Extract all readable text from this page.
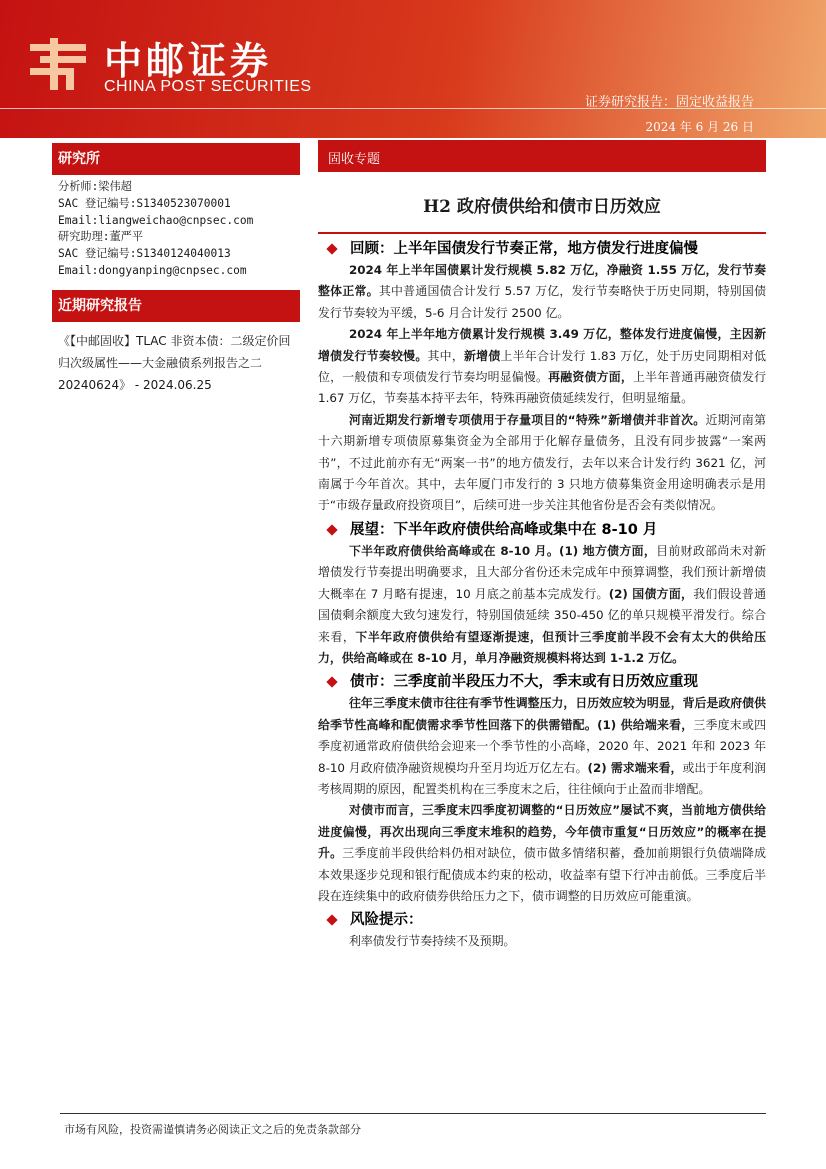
中邮证券
CHINA POST SECURITIES
证券研究报告：固定收益报告
2024 年 6 月 26 日
研究所
分析师:梁伟超
SAC 登记编号:S1340523070001
Email:liangweichao@cnpsec.com
研究助理:董严平
SAC 登记编号:S1340124040013
Email:dongyanping@cnpsec.com
近期研究报告
《【中邮固收】TLAC 非资本债：二级定价回归次级属性——大金融债系列报告之二 20240624》 - 2024.06.25
固收专题
H2 政府债供给和债市日历效应
回顾：上半年国债发行节奏正常，地方债发行进度偏慢

2024 年上半年国债累计发行规模 5.82 万亿，净融资 1.55 万亿，发行节奏整体正常。其中普通国债合计发行 5.57 万亿，发行节奏略快于历史同期，特别国债发行节奏较为平缓，5-6 月合计发行 2500 亿。

2024 年上半年地方债累计发行规模 3.49 万亿，整体发行进度偏慢，主因新增债发行节奏较慢。其中，新增债上半年合计发行 1.83 万亿，处于历史同期相对低位，一般债和专项债发行节奏均明显偏慢。再融资债方面，上半年普通再融资债发行 1.67 万亿，节奏基本持平去年，特殊再融资债延续发行，但明显缩量。

河南近期发行新增专项债用于存量项目的“特殊”新增债并非首次。近期河南第十六期新增专项债原募集资金为全部用于化解存量债务，且没有同步披露“一案两书”，不过此前亦有无“两案一书”的地方债发行，去年以来合计发行约 3621 亿，河南属于今年首次。其中，去年厦门市发行的 3 只地方债募集资金用途明确表示是用于“市级存量政府投资项目”，后续可进一步关注其他省份是否会有类似情况。

展望：下半年政府债供给高峰或集中在 8-10 月

下半年政府债供给高峰或在 8-10 月。(1) 地方债方面，目前财政部尚未对新增债发行节奏提出明确要求，且大部分省份还未完成年中预算调整，我们预计新增债大概率在 7 月略有提速，10 月底之前基本完成发行。(2) 国债方面，我们假设普通国债剩余额度大致匀速发行，特别国债延续 350-450 亿的单只规模平滑发行。综合来看，下半年政府债供给有望逐渐提速，但预计三季度前半段不会有太大的供给压力，供给高峰或在 8-10 月，单月净融资规模料将达到 1-1.2 万亿。

债市：三季度前半段压力不大，季末或有日历效应重现

往年三季度末债市往往有季节性调整压力，日历效应较为明显，背后是政府债供给季节性高峰和配债需求季节性回落下的供需错配。(1) 供给端来看，三季度末或四季度初通常政府债供给会迎来一个季节性的小高峰，2020 年、2021 年和 2023 年 8-10 月政府债净融资规模均升至月均近万亿左右。(2) 需求端来看，或出于年度利润考核周期的原因，配置类机构在三季度末之后，往往倾向于止盈而非增配。

对债市而言，三季度末四季度初调整的“日历效应”屡试不爽，当前地方债供给进度偏慢，再次出现向三季度末堆积的趋势，今年债市重复“日历效应”的概率在提升。三季度前半段供给料仍相对缺位，债市做多情绪积蓄，叠加前期银行负债端降成本效果逐步兑现和银行配债成本约束的松动，收益率有望下行冲击前低。三季度后半段在连续集中的政府债券供给压力之下，债市调整的日历效应可能重演。

风险提示：

利率债发行节奏持续不及预期。

市场有风险，投资需谨慎请务必阅读正文之后的免责条款部分
